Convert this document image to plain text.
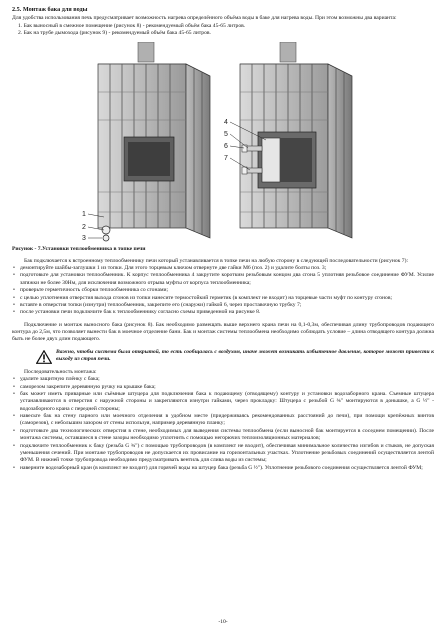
2.5. Монтаж бака для воды

Для удобства использования печь предусматривает возможность нагрева определённого объёма воды в баке для нагрева воды. При этом возможны два варианта:

1. Бак выносный в смежное помещение (рисунок 8) - рекомендуемый объём бака 45-65 литров.
2. Бак на трубе дымохода (рисунок 9) - рекомендуемый объём бака 45-65 литров.
1
2
3
4
5
6
7
Рисунок - 7.Установки теплообменника в топке печи

Бак подключается к встроенному теплообменнику печи который устанавливается в топке печи на любую сторону в следующей последовательности (рисунок 7):

• демонтируйте шайбы-заглушки 1 из топки. Для этого торцевым ключом отвернуте две гайки М6 (поз. 2) и удалите болты поз. 3;
• подготовьте для установки теплообменник. К корпус теплообменника 4 закрутите коротким резьбовым концом два сгона 5 уплотняя резьбовое соединение ФУМ. Усилие затяжки не более 30Нм, для исключения возможного отрыва муфты от корпуса теплообменника;
• проверьте герметичность сборки теплообменника со сгонами;
• с целью уплотнения отверстия выхода сгонов из топки нанесите термостойкий герметик (в комплект не входит) на торцевые части муфт по контуру сгонов;
• вставте в отверстия топки (изнутри) теплообменник, закрепите его (снаружи) гайкой 6, через проставочную трубку 7;
• после установки печи подключите бак к теплообменнику согласно схемы приведенной на рисунке 8.

Подключение и монтаж выносного бака (рисунок 8). Бак необходимо размещать выше верхнего крана печи на 0,1-0,3м, обеспечивая длину трубопроводов подающего контура до 2,5м, что позволяет вынести бак в моечное отделение бани. Бак и монтаж системы теплообмена необходимо соблюдать условие – длина отводящего контура должна быть не более двух длин подающего.

Важно, чтобы система была открытой, то есть сообщалась с воздухом, иначе может возникать избыточное давление, которое может привести к выходу из строя печи.
Последовательность монтажа:
• удалите защитную плёнку с бака;
• саморезом закрепите деревянную ручку на крышке бака;
• бак может иметь приварные или съёмные штуцера для подключения бака к подающему (отводящему) контуру и установки водозаборного крана. Съемные штуцера устанавливаются в отверстия с наружной стороны и закрепляются изнутри гайками, через прокладку: Штуцера с резьбой G ¾" монтируются в донышке, а G ½" - водозаборного крана с передней стороны;
• навесьте бак на стену парного или моечного отделения в удобном месте (придерживаясь рекомендованных расстояний до печи), при помощи крепёжных винтов (саморезов), с небольшим зазором от стены используя, например деревянную планку;
• подготовьте два технологических отверстия в стене, необходимых для выведения системы теплообмена (если выносной бак монтируется в соседнем помещении). После монтажа системы, оставшиеся в стене зазоры необходимо уплотнить с помощью негорючих теплоизоляционных материалов;
• подключите теплообменник к баку (резьба G ¾") с помощью трубопроводов (в комплект не входит), обеспечивая минимальное количество изгибов и стыков, не допуская уменьшения сечений. При монтаже трубопроводов не допускается их провисание на горизонтальных участках. Уплотнение резьбовых соединений осуществляется лентой ФУМ. В нижней точке трубопровода необходимо предусматривать вентиль для слива воды из системы;
• наверните водозаборный кран (в комплект не входит) для горячей воды на штуцер бака (резьба G ½"). Уплотнение резьбового соединения осуществляется лентой ФУМ;
-10-
